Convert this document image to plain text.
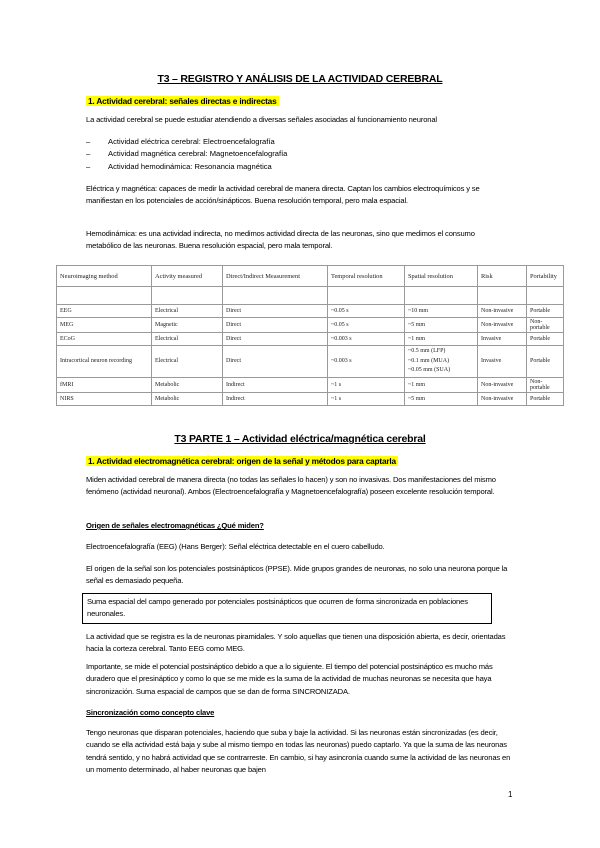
T3 – REGISTRO Y ANÁLISIS DE LA ACTIVIDAD CEREBRAL
1. Actividad cerebral: señales directas e indirectas
La actividad cerebral se puede estudiar atendiendo a diversas señales asociadas al funcionamiento neuronal
– Actividad eléctrica cerebral: Electroencefalografía
– Actividad magnética cerebral: Magnetoencefalografía
– Actividad hemodinámica: Resonancia magnética
Eléctrica y magnética: capaces de medir la actividad cerebral de manera directa. Captan los cambios electroquímicos y se manifiestan en los potenciales de acción/sinápticos. Buena resolución temporal, pero mala espacial.
Hemodinámica: es una actividad indirecta, no medimos actividad directa de las neuronas, sino que medimos el consumo metabólico de las neuronas. Buena resolución espacial, pero mala temporal.
Neuroimaging method	Activity measured	Direct/Indirect Measurement	Temporal resolution	Spatial resolution	Risk	Portability

EEG	Electrical	Direct	~0.05 s	~10 mm	Non-invasive	Portable
MEG	Magnetic	Direct	~0.05 s	~5 mm	Non-invasive	Non-portable
ECoG	Electrical	Direct	~0.003 s	~1 mm	Invasive	Portable
Intracortical neuron recording	Electrical	Direct	~0.003 s	~0.5 mm (LFP)
~0.1 mm (MUA)
~0.05 mm (SUA)	Invasive	Portable
fMRI	Metabolic	Indirect	~1 s	~1 mm	Non-invasive	Non-portable
NIRS	Metabolic	Indirect	~1 s	~5 mm	Non-invasive	Portable
T3 PARTE 1 – Actividad eléctrica/magnética cerebral
1. Actividad electromagnética cerebral: origen de la señal y métodos para captarla
Miden actividad cerebral de manera directa (no todas las señales lo hacen) y son no invasivas. Dos manifestaciones del mismo fenómeno (actividad neuronal). Ambos (Electroencefalografía y Magnetoencefalografía) poseen excelente resolución temporal.
Origen de señales electromagnéticas ¿Qué miden?
Electroencefalografía (EEG) (Hans Berger): Señal eléctrica detectable en el cuero cabelludo.
El origen de la señal son los potenciales postsinápticos (PPSE). Mide grupos grandes de neuronas, no solo una neurona porque la señal es demasiado pequeña.
Suma espacial del campo generado por potenciales postsinápticos que ocurren de forma sincronizada en poblaciones neuronales.
La actividad que se registra es la de neuronas piramidales. Y solo aquellas que tienen una disposición abierta, es decir, orientadas hacia la corteza cerebral. Tanto EEG como MEG.
Importante, se mide el potencial postsináptico debido a que a lo siguiente. El tiempo del potencial postsináptico es mucho más duradero que el presináptico y como lo que se me mide es la suma de la actividad de muchas neuronas se necesita que haya sincronización. Suma espacial de campos que se dan de forma SINCRONIZADA.
Sincronización como concepto clave
Tengo neuronas que disparan potenciales, haciendo que suba y baje la actividad. Si las neuronas están sincronizadas (es decir, cuando se ella actividad está baja y sube al mismo tiempo en todas las neuronas) puedo captarlo. Ya que la suma de las neuronas tendrá sentido, y no habrá actividad que se contrarreste. En cambio, si hay asincronía cuando sume la actividad de las neuronas en un momento determinado, al haber neuronas que bajen
1
